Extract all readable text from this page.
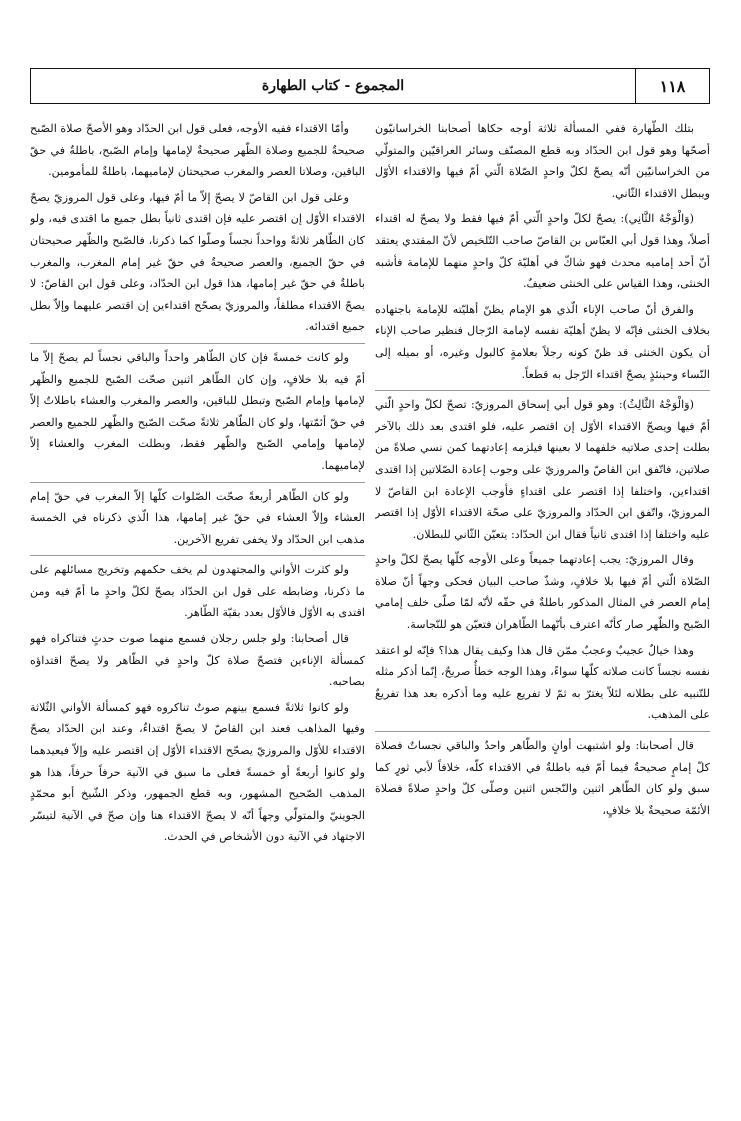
١١٨
المجموع - كتاب الطهارة

بتلك الطّهارة ففي المسألة ثلاثة أوجه حكاها أصحابنا الخراسانيّون أصحّها وهو قول ابن الحدّاد وبه قطع المصنّف وسائر العراقيّين والمتولّي من الخراسانيّين أنّه يصحّ لكلّ واحدٍ الصّلاة الّتي أمّ فيها والاقتداء الأوّل ويبطل الاقتداء الثّاني.

(وَالْوَجْهُ الثَّانِي): يصحّ لكلّ واحدٍ الّتي أمّ فيها فقط ولا يصحّ له اقتداء أصلاً، وهذا قول أبي العبّاس بن القاصّ صاحب التّلخيص لأنّ المقتدي يعتقد أنّ أحد إماميه محدث فهو شاكّ في أهليّة كلّ واحدٍ منهما للإمامة فأشبه الخنثى، وهذا القياس على الخنثى ضعيفٌ.

والفرق أنّ صاحب الإناء الّذي هو الإمام يظنّ أهليّته للإمامة باجتهاده بخلاف الخنثى فإنّه لا يظنّ أهليّة نفسه لإمامة الرّجال فنظير صاحب الإناء أن يكون الخنثى قد ظنّ كونه رجلاً بعلامةٍ كالبول وغيره، أو بميله إلى النّساء وحينئذٍ يصحّ اقتداء الرّجل به قطعاً.

(وَالْوَجْهُ الثَّالِثُ): وهو قول أبي إسحاق المروزيّ: تصحّ لكلّ واحدٍ الّتي أمّ فيها ويصحّ الاقتداء الأوّل إن اقتصر عليه، فلو اقتدى بعد ذلك بالآخر بطلت إحدى صلاتيه خلفهما لا بعينها فيلزمه إعادتهما كمن نسي صلاةً من صلاتين، فاتّفق ابن القاصّ والمروزيّ على وجوب إعادة الصّلاتين إذا اقتدى اقتداءين، واختلفا إذا اقتصر على اقتداءٍ فأوجب الإعادة ابن القاصّ لا المروزيّ، واتّفق ابن الحدّاد والمروزيّ على صحّة الاقتداء الأوّل إذا اقتصر عليه واختلفا إذا اقتدى ثانياً فقال ابن الحدّاد: يتعيّن الثّاني للبطلان.

وقال المروزيّ: يجب إعادتهما جميعاً وعلى الأوجه كلّها يصحّ لكلّ واحدٍ الصّلاة الّتي أمّ فيها بلا خلافٍ، وشذّ صاحب البيان فحكى وجهاً أنّ صلاة إمام العصر في المثال المذكور باطلةٌ في حقّه لأنّه لمّا صلّى خلف إمامي الصّبح والظّهر صار كأنّه اعترف بأنّهما الطّاهران فتعيّن هو للنّجاسة.

وهذا خيالٌ عجيبٌ وعجبٌ ممّن قال هذا وكيف يقال هذا؟ فإنّه لو اعتقد نفسه نجساً كانت صلاته كلّها سواءً، وهذا الوجه خطأٌ صريحٌ، إنّما أذكر مثله للتّنبيه على بطلانه لئلاّ يغترّ به ثمّ لا تفريع عليه وما أذكره بعد هذا تفريعٌ على المذهب.

قال أصحابنا: ولو اشتبهت أوانٍ والطّاهر واحدٌ والباقي نجساتٌ فصلاة كلّ إمامٍ صحيحةٌ فيما أمّ فيه باطلةٌ في الاقتداء كلّه، خلافاً لأبي ثورٍ كما سبق ولو كان الطّاهر اثنين والنّجس اثنين وصلّى كلّ واحدٍ صلاةً فصلاة الأئمّة صحيحةٌ بلا خلافٍ،

وأمّا الاقتداء ففيه الأوجه، فعلى قول ابن الحدّاد وهو الأصحّ صلاة الصّبح صحيحةٌ للجميع وصلاة الظّهر صحيحةٌ لإمامها وإمام الصّبح، باطلةٌ في حقّ الباقين، وصلاتا العصر والمغرب صحيحتان لإماميهما، باطلةٌ للمأمومين.

وعلى قول ابن القاصّ لا يصحّ إلاّ ما أمّ فيها، وعلى قول المروزيّ يصحّ الاقتداء الأوّل إن اقتصر عليه فإن اقتدى ثانياً بطل جميع ما اقتدى فيه، ولو كان الطّاهر ثلاثةً وواحداً نجساً وصلّوا كما ذكرنا، فالصّبح والظّهر صحيحتان في حقّ الجميع، والعصر صحيحةٌ في حقّ غير إمام المغرب، والمغرب باطلةٌ في حقّ غير إمامها، هذا قول ابن الحدّاد، وعلى قول ابن القاصّ: لا يصحّ الاقتداء مطلقاً، والمروزيّ يصحّح اقتداءين إن اقتصر عليهما وإلاّ بطل جميع اقتدائه.

ولو كانت خمسةً فإن كان الطّاهر واحداً والباقي نجساً لم يصحّ إلاّ ما أمّ فيه بلا خلافٍ، وإن كان الطّاهر اثنين صحّت الصّبح للجميع والظّهر لإمامها وإمام الصّبح وتبطل للباقين، والعصر والمغرب والعشاء باطلاتٌ إلاّ في حقّ أئمّتها، ولو كان الطّاهر ثلاثةً صحّت الصّبح والظّهر للجميع والعصر لإمامها وإمامي الصّبح والظّهر فقط، وبطلت المغرب والعشاء إلاّ لإماميهما.

ولو كان الطّاهر أربعةً صحّت الصّلوات كلّها إلاّ المغرب في حقّ إمام العشاء وإلاّ العشاء في حقّ غير إمامها، هذا الّذي ذكرناه في الخمسة مذهب ابن الحدّاد ولا يخفى تفريع الآخرين.

ولو كثرت الأواني والمجتهدون لم يخف حكمهم وتخريج مسائلهم على ما ذكرنا، وضابطه على قول ابن الحدّاد يصحّ لكلّ واحدٍ ما أمّ فيه ومن اقتدى به الأوّل فالأوّل بعدد بقيّة الطّاهر.

قال أصحابنا: ولو جلس رجلان فسمع منهما صوت حدثٍ فتناكراه فهو كمسألة الإناءين فتصحّ صلاة كلّ واحدٍ في الظّاهر ولا يصحّ اقتداؤه بصاحبه.

ولو كانوا ثلاثةً فسمع بينهم صوتٌ تناكروه فهو كمسألة الأواني الثّلاثة وفيها المذاهب فعند ابن القاصّ لا يصحّ اقتداءٌ، وعند ابن الحدّاد يصحّ الاقتداء للأوّل والمروزيّ يصحّح الاقتداء الأوّل إن اقتصر عليه وإلاّ فيعيدهما ولو كانوا أربعةً أو خمسةً فعلى ما سبق في الآنية حرفاً حرفاً، هذا هو المذهب الصّحيح المشهور، وبه قطع الجمهور، وذكر الشّيخ أبو محمّدٍ الجوينيّ والمتولّي وجهاً أنّه لا يصحّ الاقتداء هنا وإن صحّ في الآنية لتيسّر الاجتهاد في الآنية دون الأشخاص في الحدث.
